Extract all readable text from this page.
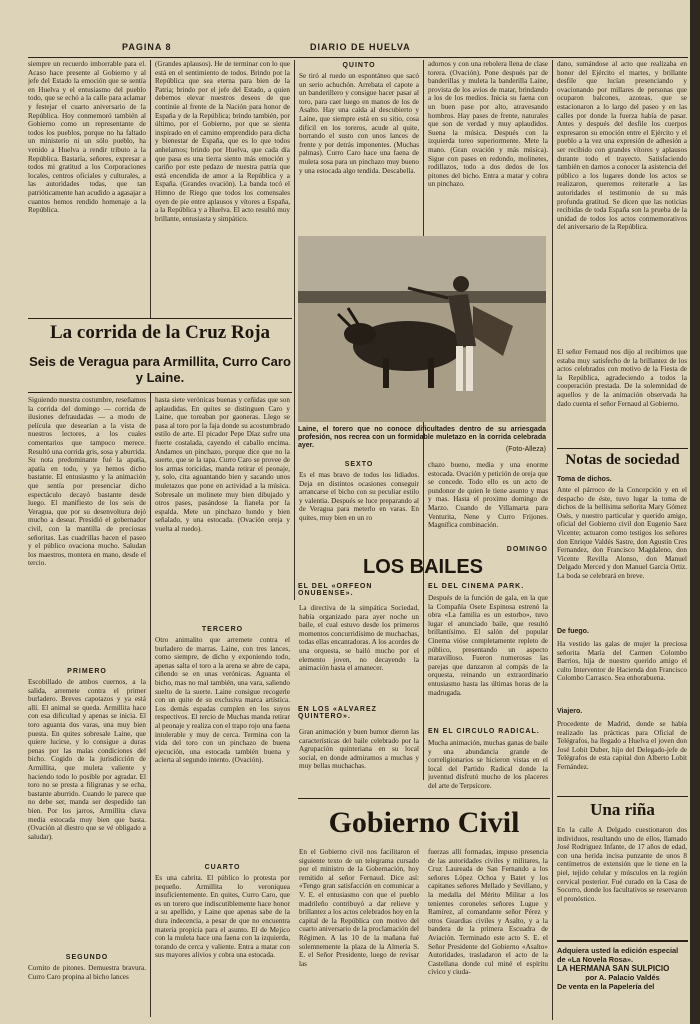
PAGINA 8	DIARIO DE HUELVA
siempre un recuerdo imborrable para el. Acaso hace presente al Gobierno y al jefe del Estado la emoción que se sentía en Huelva y el entusiasmo del pueblo todo, que se echó a la calle para aclamar y festejar el cuarto aniversario de la República. Hoy conmemoró también al Gobierno como un representante de todos los pueblos, porque no ha faltado un ministerio ni un sólo pueblo, ha venido a Huelva a rendir tributo a la República. Bastaría, señores, expresar a todos mi gratitud a los Corporaciones locales, centros oficiales y culturales, a las autoridades todas, que tan patrióticamente han acudido a agasajar a cuantos hemos rendido homenaje a la República.
(Grandes aplausos). He de terminar con lo que está en el sentimiento de todos. Brindo por la República que sea eterna para bien de la Patria; brindo por el jefe del Estado, a quien debemos elevar nuestros deseos de que continúe al frente de la Nación para honor de España y de la República; brindo también, por último, por el Gobierno, por que se sienta inspirado en el camino emprendido para dicha y bienestar de España, que es lo que todos anhelamos; brindo por Huelva, que cada día que pasa es una tierra siento más emoción y cariño por este pedazo de nuestra patria que está encendida de amor a la República y a España. (Grandes ovación). La banda tocó el Himno de Riego que todos los comensales oyen de pie entre aplausos y vítores a España, a la República y a Huelva. El acto resultó muy brillante, entusiasta y simpático.
QUINTO
Se tiró al ruedo un espontáneo que sacó un serio achuchón. Arrebata el capote a un banderillero y consigue hacer pasar al toro, para caer luego en manos de los de Asalto. Hay una caída al descubierto y Laine, que siempre está en su sitio, cosa difícil en los toreros, acude al quite, borrando el susto con unos lances de frente y por detrás imponentes. (Muchas palmas). Curro Caro hace una faena de muleta sosa para un pinchazo muy bueno y una estocada algo tendida. Descabella.
adornos y con una rebolera llena de clase torera. (Ovación). Pone después par de banderillas y muleta la banderilla Laine, provista de los avios de matar, brindando a los de los medios. Inicia su faena con un buen pase por alto, atravesando hombros. Hay pases de frente, naturales que son de verdad y muy aplaudidos. Suena la música. Después con la izquierda toreo superiormente. Mete la mano. (Gran ovación y más música). Sigue con pases en redondo, molinetes, rodillazos, todo a dos dedos de los pitones del bicho. Entra a matar y cobra un pinchazo.
dano, sumándose al acto que realizaba en honor del Ejército el martes, y brillante desfile que lucían presenciando y ovacionando por millares de personas que ocuparon balcones, azoteas, que se estacionaron a lo largo del paseo y en las calles por donde la fuerza había de pasar. Antes y después del desfile los cuerpos expresaron su emoción entre el Ejército y el pueblo a la vez una expresión de adhesión a ser recibido con grandes vítores y aplausos durante todo el trayecto. Satisfaciendo también en darnos a conocer la asistencia del público a los lugares donde los actos se realizaron, queremos reiterarle a las autoridades el testimonio de su más profunda gratitud. Se dicen que las noticias recibidas de toda España son la prueba de la unidad de todos los actos conmemorativos del aniversario de la República.
El señor Fernaud nos dijo al recibirnos que estaba muy satisfecho de la brillantez de los actos celebrados con motivo de la Fiesta de la República, agradeciendo a todos la cooperación prestada. De la solemnidad de aquellos y de la animación observada ha dado cuenta el señor Fernaud al Gobierno.
Laine, el torero que no conoce dificultades dentro de su arriesgada profesión, nos recrea con un formidable muletazo en la corrida celebrada ayer.
(Foto-Alleza)
La corrida de la Cruz Roja
Seis de Veragua para Armillita, Curro Caro y Laine.
Siguiendo nuestra costumbre, reseñamos la corrida del domingo — corrida de ilusiones defraudadas — a modo de película que desearían a la vista de nuestros lectores, a los cuales comentarios que tampoco merece. Resultó una corrida gris, sosa y aburrida. Su nota predominante fué la apatía, apatía en todo, y ya hemos dicho bastante. El entusiasmo y la animación que sentía por presenciar dicho espectáculo decayó bastante desde luego. El manifiesto de los seis de Veragua, que por su desenvoltura dejó mucho a desear. Presidió el gobernador civil, con la mantilla de preciosas señoritas. Las cuadrillas hacen el paseo y el público ovaciona mucho. Saludan los maestros, montera en mano, desde el tercio.
PRIMERO
Escobillado de ambos cuernos, a la salida, arremete contra el primer burladero. Breves capotazos y ya está allí. El animal se queda. Armillita hace con esa dificultad y apenas se inicia. El toro aguanta dos varas, una muy bien puesta. En quites sobresale Laine, que quiere lucirse, y lo consigue a duras penas por las malas condiciones del bicho. Cogido de la jurisdicción de Armillita, que muleta valiente y haciendo todo lo posible por agradar. El toro no se presta a filigranas y se echa, bastante aburrido. Cuando le parece que no debe ser, manda ser despedido tan bien. Por los jarros, Armillita clava media estocada muy bien que basta. (Ovación al diestro que se vé obligado a saludar).
SEGUNDO
Cornito de pitones. Demuestra bravura. Curro Caro propina al bicho lances
hasta siete verónicas buenas y ceñidas que son aplaudidas. En quites se distinguen Caro y Laine, que toreaban por gaoneras. Llego se pasa al toro por la faja donde su acostumbrado estilo de arte. El picador Pepe Díaz sufre una fuerte costalada, cayendo el caballo encima. Andamos un pinchazo, porque dice que no la suerte, que se la tapa. Curro Caro se provee de los armas toricidas, manda retirar el peonaje, y, solo, cita aguantando bien y sacando unos muletazos que pone en actividad a la música. Sobresale un molinete muy bien dibujado y otros pases, pasándose la fianela por la espalda. Mete un pinchazo hondo y bien señalado, y una estocada. (Ovación oreja y vuelta al ruedo).
TERCERO
Otro animalito que arremete contra el burladero de marras. Laine, con tres lances, como siempre, de dicho y exponiendo todo, apenas salta el toro a la arena se abre de capa, ciñendo se en unas verónicas. Aguanta el bicho, mas no mal también, una vara, saliendo suelto de la suerte. Laine consigue recogerle con un quite de su exclusiva marca artística. Los demás espadas cumplen en los suyos respectivos. El tercio de Muchas manda retirar al peonaje y realiza con el trapo rojo una faena intolerable y muy de cerca. Termina con la vida del toro con un pinchazo de buena ejecución, una estocada también buena y acierta al segundo intento. (Ovación).
CUARTO
Es una cabrita. El público lo protesta por pequeño. Armillita lo veroniquea insuficientemente. En quites, Curro Caro, que es un torero que indiscutiblemente hace honor a su apellido, y Laine que apenas sabe de la dura indecencia, a pesar de que no encuentra materia propicia para el asunto. El de Mejico con la muleta hace una faena con la izquierda, torando de cerca y valiente. Entra a matar con sus mayores alivios y cobra una estocada.
SEXTO
Es el mas bravo de todos los lidiados. Deja en distintos ocasiones conseguir arrancarse el bicho con su peculiar estilo y valentia. Después se luce preparando al de Veragua para meterlo en varas. En quites, muy bien en un ro
chazo bueno, media y una enorme estocada. Ovación y petición de oreja que se concede. Todo ello es un acto de pundonor de quien le tiene asunto y mas y mas. Hasta el proximo domingo de Marzo. Cuando de Villamarta para Venturita, Nene y Curro Frijones. Magnífica combinación.
DOMINGO
LOS BAILES
EL DEL «ORFEON ONUBENSE».
La directiva de la simpática Sociedad, había organizado para ayer noche un baile, el cual estuvo desde los primeros momentos concurridísimo de muchachas, todas ellas encantadoras. A los acordes de una orquesta, se bailó mucho por el elemento joven, no decayendo la animación hasta el amanecer.
EN LOS «ALVAREZ QUINTERO».
Gran animación y buen humor dieron las características del baile celebrado por la Agrupación quinteriana en su local social, en donde admiramos a muchas y muy bellas muchachas.
EL DEL CINEMA PARK.
Después de la función de gala, en la que la Compañía Osete Espinosa estrenó la obra «La familia es un estorbo», tuvo lugar el anunciado baile, que resultó brillantísimo. El salón del popular Cinema vióse completamente repleto de público, presentando un aspecto maravilloso. Fueron numerosas las parejas que danzaron al compás de la orquesta, reinando un extraordinario entusiasmo hasta las últimas horas de la madrugada.
EN EL CIRCULO RADICAL.
Mucha animación, muchas ganas de baile y una abundancia grande de correligionarios se hicieron vistas en el local del Partido Radical donde la juventud disfrutó mucho de los placeres del arte de Terpsícore.
Gobierno Civil
En el Gobierno civil nos facilitaron el siguiente texto de un telegrama cursado por el ministro de la Gobernación, hoy remitido al señor Fernaud. Dice así: «Tengo gran satisfacción en comunicar a V. E. el entusiasmo con que el pueblo madrileño contribuyó a dar relieve y brillantez a los actos celebrados hoy en la capital de la República con motivo del cuarto aniversario de la proclamación del Régimen. A las 10 de la mañana fué solemnemente la plaza de la Almería S. E. el Señor Presidente, luego de revisar las
fuerzas allí formadas, impuso presencia de las autoridades civiles y militares, la Cruz Laureada de San Fernando a los señores López Ochoa y Batet y los capitanes señores Mellado y Sevillano, y la medalla del Mérito Militar a los tenientes coroneles señores Lugue y Ramírez, al comandante señor Pérez y otros Guardias civiles y Asalto, y a la bandera de la primera Escuadra de Aviación. Terminado este acto S. E. el Señor Presidente del Gobierno «Asalto» Autoridades, trasladaron el acto de la Castellana donde cul miné el espíritu cívico y ciuda-
Notas de sociedad
Toma de dichos.
Ante el párroco de la Concepción y en el despacho de éste, tuvo lugar la toma de dichos de la bellísima señorita Mary Gómez Osés, y nuestro particular y querido amigo, oficial del Gobierno civil don Eugenio Saez Vicente; actuaron como testigos los señores don Enrique Valdés Sastre, don Agustín Cres Fernandez, don Francisco Magdaleno, don Vicente Revilla Alonso, don Manuel Delgado Merced y don Manuel García Ortiz. La boda se celebrará en breve.
De fuego.
Ha vestido las galas de mujer la preciosa señorita María del Carmen Colombo Barrios, hija de nuestro querido amigo el culto Interventor de Hacienda don Francisco Colombo Carrasco. Sea enhorabuena.
Viajero.
Procedente de Madrid, donde se había realizado las prácticas para Oficial de Telégrafos, ha llegado a Huelva el joven don José Lobit Duber, hijo del Delegado-jefe de Telégrafos de esta capital don Alberto Lobit Fernández.
Una riña
En la calle A Delgado cuestionaron dos individuos, resultando uno de ellos, llamado José Rodriguez Infante, de 17 años de edad, con una herida incisa punzante de unos 8 centímetros de extensión que le tiene en la piel, tejido celular y músculos en la región cervical posterior. Fué curado en la Casa de Socorro, donde los facultativos se reservaron el pronóstico.
Adquiera usted la edición especial de «La Novela Rosa».
LA HERMANA SAN SULPICIO
por A. Palacio Valdés
De venta en la Papelería del
